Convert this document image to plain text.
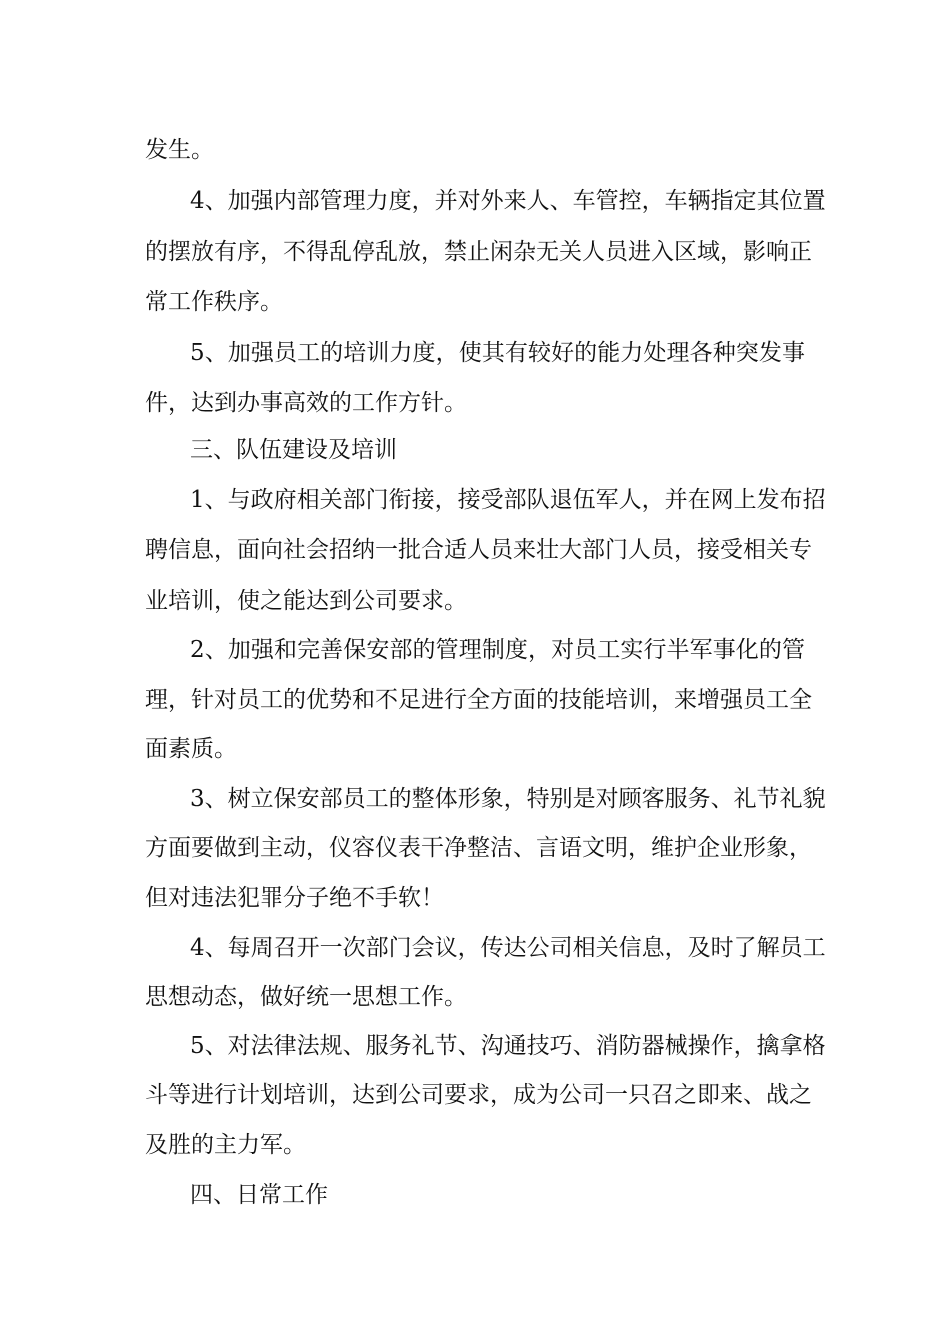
发生。
4、加强内部管理力度，并对外来人、车管控，车辆指定其位置
的摆放有序，不得乱停乱放，禁止闲杂无关人员进入区域，影响正
常工作秩序。
5、加强员工的培训力度，使其有较好的能力处理各种突发事
件，达到办事高效的工作方针。
三、队伍建设及培训
1、与政府相关部门衔接，接受部队退伍军人，并在网上发布招
聘信息，面向社会招纳一批合适人员来壮大部门人员，接受相关专
业培训，使之能达到公司要求。
2、加强和完善保安部的管理制度，对员工实行半军事化的管
理，针对员工的优势和不足进行全方面的技能培训，来增强员工全
面素质。
3、树立保安部员工的整体形象，特别是对顾客服务、礼节礼貌
方面要做到主动，仪容仪表干净整洁、言语文明，维护企业形象，
但对违法犯罪分子绝不手软！
4、每周召开一次部门会议，传达公司相关信息，及时了解员工
思想动态，做好统一思想工作。
5、对法律法规、服务礼节、沟通技巧、消防器械操作，擒拿格
斗等进行计划培训，达到公司要求，成为公司一只召之即来、战之
及胜的主力军。
四、日常工作
